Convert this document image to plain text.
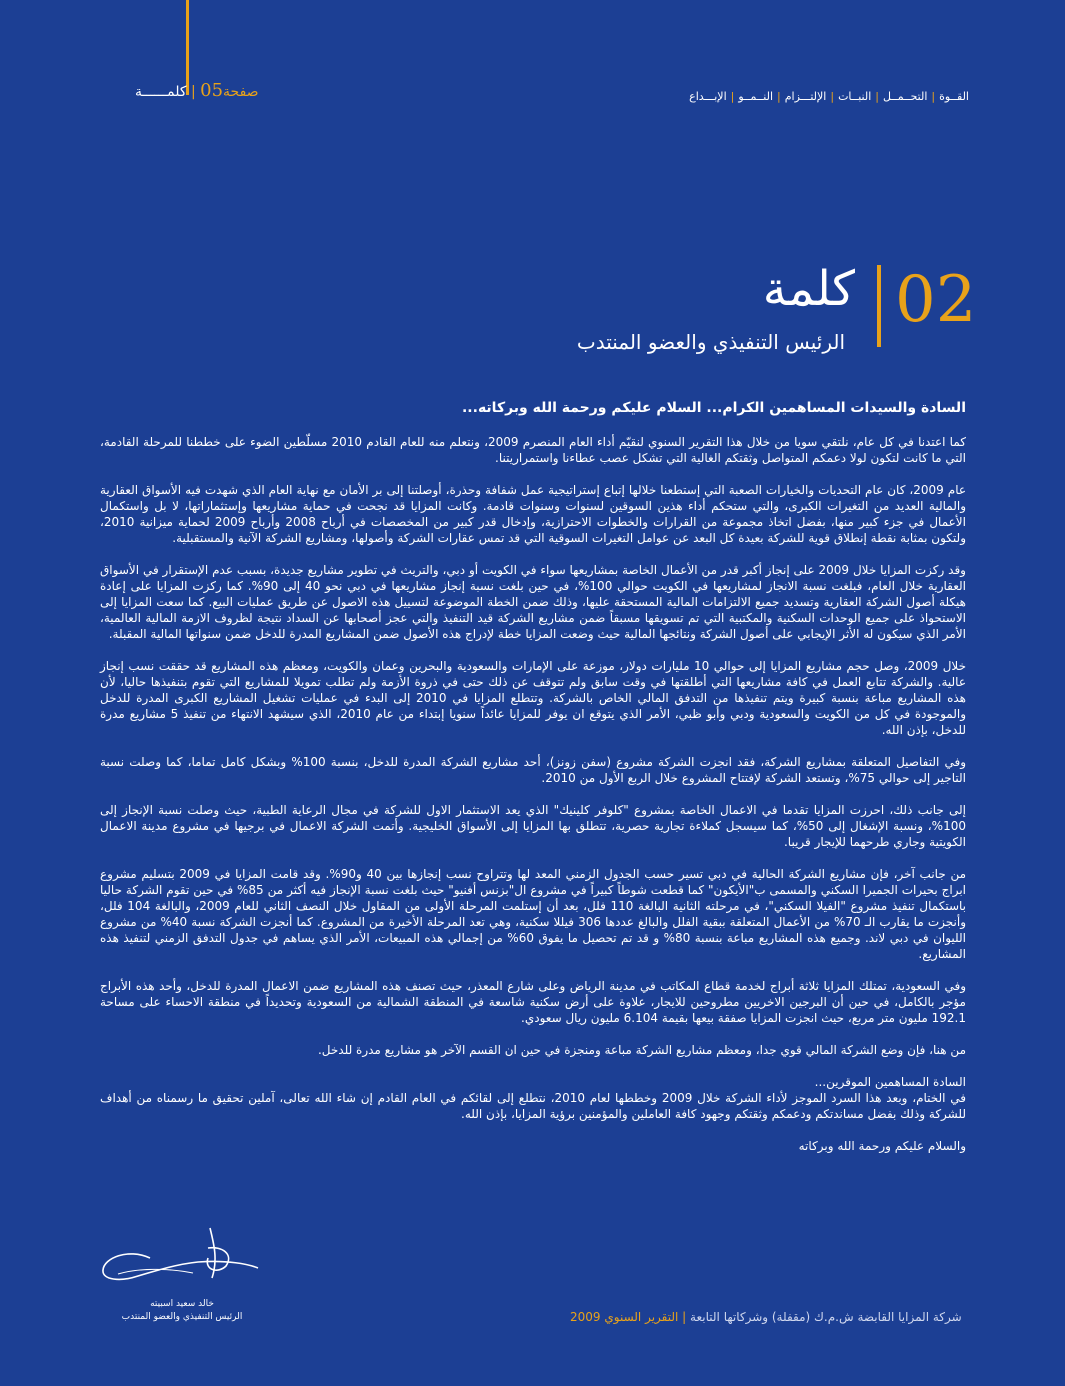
صفحة05 | كلمــــــة	القــوة|التحــمــل|النبــات|الإلتـــزام|النــمــو|الإبـــداع
02
كلمة
الرئيس التنفيذي والعضو المنتدب

السادة والسيدات المساهمين الكرام... السلام عليكم ورحمة الله وبركاته...

كما اعتدنا في كل عام، نلتقي سويا من خلال هذا التقرير السنوي لنقيّم أداء العام المنصرم 2009، ونتعلم منه للعام القادم 2010 مسلّطين الضوء على خططنا للمرحلة القادمة، التي ما كانت لتكون لولا دعمكم المتواصل وثقتكم الغالية التي تشكل عصب عطاءنا واستمراريتنا.

عام 2009، كان عام التحديات والخيارات الصعبة التي إستطعنا خلالها إتباع إستراتيجية عمل شفافة وحذرة، أوصلتنا إلى بر الأمان مع نهاية العام الذي شهدت فيه الأسواق العقارية والمالية العديد من التغيرات الكبرى، والتي ستحكم أداء هذين السوقين لسنوات وسنوات قادمة. وكانت المزايا قد نجحت في حماية مشاريعها وإستثماراتها، لا بل واستكمال الأعمال في جزء كبير منها، بفضل اتخاذ مجموعة من القرارات والخطوات الاحترازية، وإدخال قدر كبير من المخصصات في أرباح 2008 وأرباح 2009 لحماية ميزانية 2010، ولتكون بمثابة نقطة إنطلاق قوية للشركة بعيدة كل البعد عن عوامل التغيرات السوقية التي قد تمس عقارات الشركة وأصولها، ومشاريع الشركة الآنية والمستقبلية.

وقد ركزت المزايا خلال 2009 على إنجاز أكبر قدر من الأعمال الخاصة بمشاريعها سواء في الكويت أو دبي، والتريث في تطوير مشاريع جديدة، بسبب عدم الإستقرار في الأسواق العقارية خلال العام، فبلغت نسبة الانجاز لمشاريعها في الكويت حوالي 100%، في حين بلغت نسبة إنجاز مشاريعها في دبي نحو 40 إلى 90%. كما ركزت المزايا على إعادة هيكلة أصول الشركة العقارية وتسديد جميع الالتزامات المالية المستحقة عليها، وذلك ضمن الخطة الموضوعة لتسييل هذه الاصول عن طريق عمليات البيع. كما سعت المزايا إلى الاستحواذ على جميع الوحدات السكنية والمكتبية التي تم تسويقها مسبقاً ضمن مشاريع الشركة قيد التنفيذ والتي عجز أصحابها عن السداد نتيجة لظروف الازمة المالية العالمية، الأمر الذي سيكون له الأثر الإيجابي على أصول الشركة ونتائجها المالية حيث وضعت المزايا خطة لإدراج هذه الأصول ضمن المشاريع المدرة للدخل ضمن سنواتها المالية المقبلة.

خلال 2009، وصل حجم مشاريع المزايا إلى حوالي 10 مليارات دولار، موزعة على الإمارات والسعودية والبحرين وعمان والكويت، ومعظم هذه المشاريع قد حققت نسب إنجاز عالية. والشركة تتابع العمل في كافة مشاريعها التي أطلقتها في وقت سابق ولم تتوقف عن ذلك حتى في ذروة الأزمة ولم تطلب تمويلا للمشاريع التي تقوم بتنفيذها حاليا، لأن هذه المشاريع مباعة بنسبة كبيرة ويتم تنفيذها من التدفق المالي الخاص بالشركة. وتتطلع المزايا في 2010 إلى البدء في عمليات تشغيل المشاريع الكبرى المدرة للدخل والموجودة في كل من الكويت والسعودية ودبي وأبو ظبي، الأمر الذي يتوقع ان يوفر للمزايا عائداً سنويا إبتداء من عام 2010، الذي سيشهد الانتهاء من تنفيذ 5 مشاريع مدرة للدخل، بإذن الله.

وفي التفاصيل المتعلقة بمشاريع الشركة، فقد انجزت الشركة مشروع (سفن زونز)، أحد مشاريع الشركة المدرة للدخل، بنسبة 100% وبشكل كامل تماما، كما وصلت نسبة التاجير إلى حوالي 75%، وتستعد الشركة لإفتتاح المشروع خلال الربع الأول من 2010.

إلى جانب ذلك، احرزت المزايا تقدما في الاعمال الخاصة بمشروع "كلوفر كلينيك" الذي يعد الاستثمار الاول للشركة في مجال الرعاية الطبية، حيث وصلت نسبة الإنجاز إلى 100%، ونسبة الإشغال إلى 50%، كما سيسجل كملاءة تجارية حصرية، تتطلق بها المزايا إلى الأسواق الخليجية. وأتمت الشركة الاعمال في برجيها في مشروع مدينة الاعمال الكويتية وجاري طرحهما للإيجار قريبا.

من جانب آخر، فإن مشاريع الشركة الحالية في دبي تسير حسب الجدول الزمني المعد لها وتتراوح نسب إنجازها بين 40 و90%. وقد قامت المزايا في 2009 بتسليم مشروع ابراج بحيرات الجميرا السكني والمسمى ب"الأيكون" كما قطعت شوطاً كبيراً في مشروع ال"بزنس أفنيو" حيث بلغت نسبة الإنجاز فيه أكثر من 85% في حين تقوم الشركة حاليا باستكمال تنفيذ مشروع "الفيلا السكني"، في مرحلته الثانية البالغة 110 فلل، بعد أن إستلمت المرحلة الأولى من المقاول خلال النصف الثاني للعام 2009، والبالغة 104 فلل، وأنجزت ما يقارب الـ 70% من الأعمال المتعلقة ببقية الفلل والبالغ عددها 306 فيللا سكنية، وهي تعد المرحلة الأخيرة من المشروع. كما أنجزت الشركة نسبة 40% من مشروع الليوان في دبي لاند. وجميع هذه المشاريع مباعة بنسبة 80% و قد تم تحصيل ما يفوق 60% من إجمالي هذه المبيعات، الأمر الذي يساهم في جدول التدفق الزمني لتنفيذ هذه المشاريع.

وفي السعودية، تمتلك المزايا ثلاثة أبراج لخدمة قطاع المكاتب في مدينة الرياض وعلى شارع المعذر، حيث تصنف هذه المشاريع ضمن الاعمال المدرة للدخل، وأحد هذه الأبراج مؤجر بالكامل، في حين أن البرجين الاخريين مطروحين للايجار، علاوة على أرض سكنية شاسعة في المنطقة الشمالية من السعودية وتحديداً في منطقة الاحساء على مساحة 192.1 مليون متر مربع، حيث انجزت المزايا صفقة بيعها بقيمة 6.104 مليون ريال سعودي.

من هنا، فإن وضع الشركة المالي قوي جدا، ومعظم مشاريع الشركة مباعة ومنجزة في حين ان القسم الآخر هو مشاريع مدرة للدخل.

السادة المساهمين الموقرين...

في الختام، وبعد هذا السرد الموجز لأداء الشركة خلال 2009 وخططها لعام 2010، نتطلع إلى لقائكم في العام القادم إن شاء الله تعالى، آملين تحقيق ما رسمناه من أهداف للشركة وذلك بفضل مساندتكم ودعمكم وثقتكم وجهود كافة العاملين والمؤمنين برؤية المزايا، بإذن الله.

والسلام عليكم ورحمة الله وبركاته

خالد سعيد اسبيته
الرئيس التنفيذي والعضو المنتدب	شركة المزايا القابضة ش.م.ك (مقفلة) وشركاتها التابعة | التقرير السنوي 2009
